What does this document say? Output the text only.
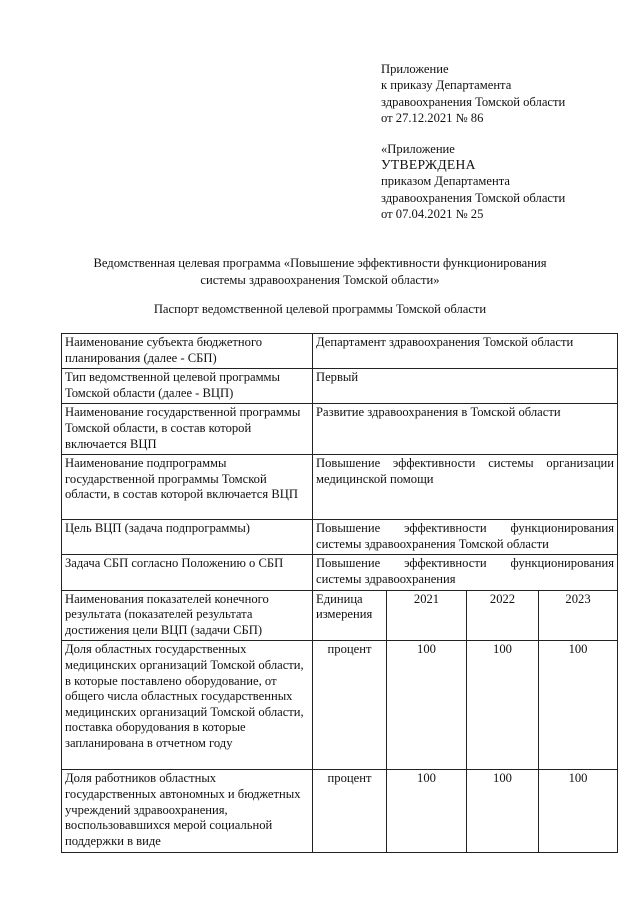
Приложение
к приказу Департамента
здравоохранения Томской области
от 27.12.2021 № 86
«Приложение
УТВЕРЖДЕНА
приказом Департамента
здравоохранения Томской области
от 07.04.2021 № 25
Ведомственная целевая программа «Повышение эффективности функционирования
системы здравоохранения Томской области»
Паспорт ведомственной целевой программы Томской области
Наименование субъекта бюджетного планирования (далее - СБП)	Департамент здравоохранения Томской области			
Тип ведомственной целевой программы Томской области (далее - ВЦП)	Первый			
Наименование государственной программы Томской области, в состав которой включается ВЦП	Развитие здравоохранения в Томской области			
Наименование подпрограммы государственной программы Томской области, в состав которой включается ВЦП	Повышение эффективности системы организации медицинской помощи			
Цель ВЦП (задача подпрограммы)	Повышение эффективности функционирования системы здравоохранения Томской области			
Задача СБП согласно Положению о СБП	Повышение эффективности функционирования системы здравоохранения			
Наименования показателей конечного результата (показателей результата достижения цели ВЦП (задачи СБП)	Единица измерения	2021	2022	2023
Доля областных государственных медицинских организаций Томской области, в которые поставлено оборудование, от общего числа областных государственных медицинских организаций Томской области, поставка оборудования в которые запланирована в отчетном году	процент	100	100	100
Доля работников областных государственных автономных и бюджетных учреждений здравоохранения, воспользовавшихся мерой социальной поддержки в виде	процент	100	100	100
